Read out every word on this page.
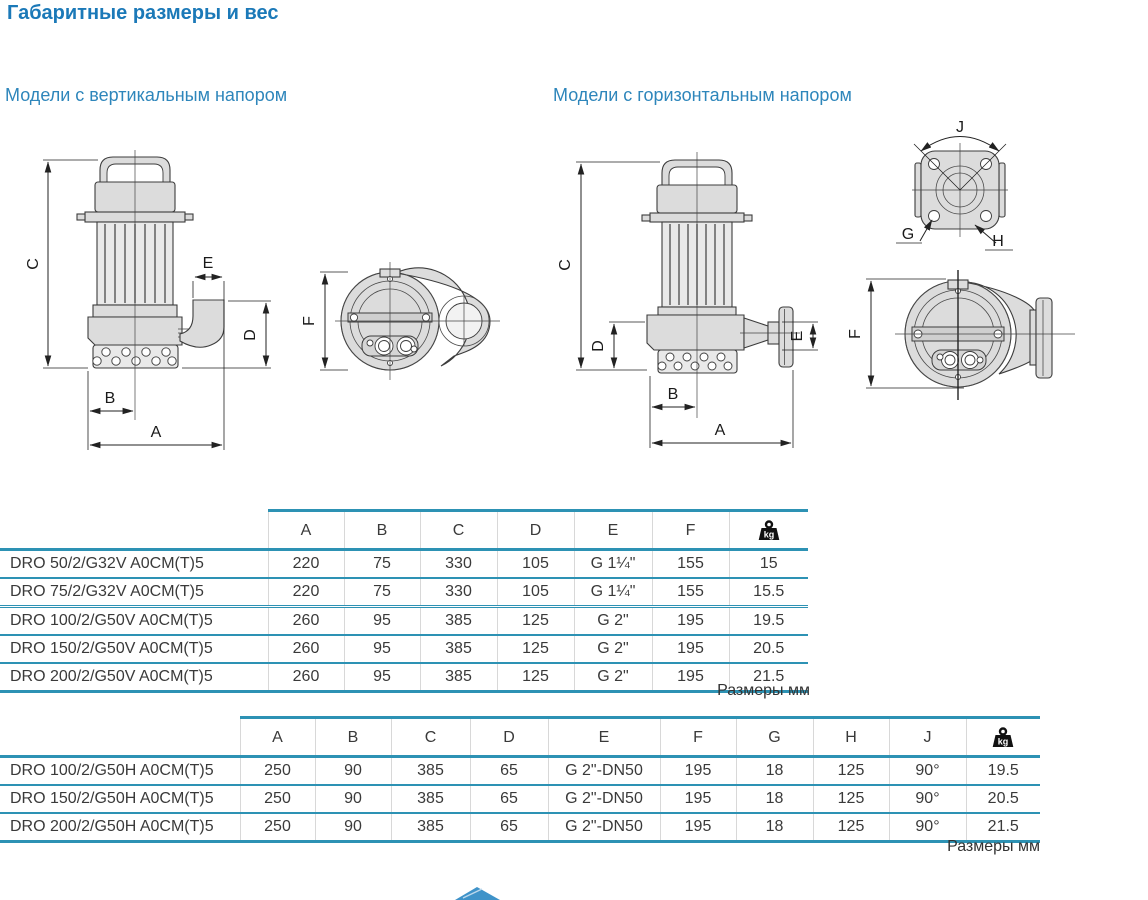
Габаритные размеры и вес
Модели с вертикальным напором	Модели с горизонтальным напором
C	E
D
B
A
F
C
D
E
B
A
J
G	H
F
	A	B	C	D	E	F	kg

DRO 50/2/G32V A0CM(T)5	220	75	330	105	G 1¼"	155	15
DRO 75/2/G32V A0CM(T)5	220	75	330	105	G 1¼"	155	15.5
DRO 100/2/G50V A0CM(T)5	260	95	385	125	G 2"	195	19.5
DRO 150/2/G50V A0CM(T)5	260	95	385	125	G 2"	195	20.5
DRO 200/2/G50V A0CM(T)5	260	95	385	125	G 2"	195	21.5
Размеры мм
	A	B	C	D	E	F	G	H	J	kg

DRO 100/2/G50H A0CM(T)5	250	90	385	65	G 2"-DN50	195	18	125	90°	19.5
DRO 150/2/G50H A0CM(T)5	250	90	385	65	G 2"-DN50	195	18	125	90°	20.5
DRO 200/2/G50H A0CM(T)5	250	90	385	65	G 2"-DN50	195	18	125	90°	21.5
Размеры мм
